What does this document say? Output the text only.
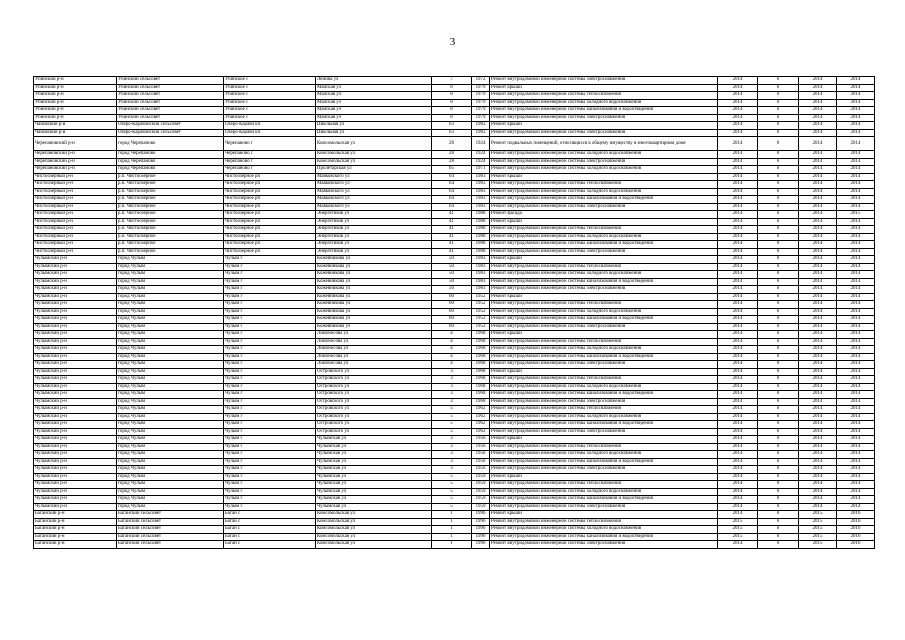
3
Убинский р-н	Убинский сельсовет	Убинское с	Ленина ул	7	1972	Ремонт внутридомовой инженерной системы электроснабжения	2014	0	2014	2014
Убинский р-н	Убинский сельсовет	Убинское с	Майская ул	8	1979	Ремонт крыши	2014	0	2014	2014
Убинский р-н	Убинский сельсовет	Убинское с	Майская ул	8	1979	Ремонт внутридомовой инженерной системы теплоснабжения	2014	0	2014	2014
Убинский р-н	Убинский сельсовет	Убинское с	Майская ул	8	1979	Ремонт внутридомовой инженерной системы холодного водоснабжения	2014	0	2014	2014
Убинский р-н	Убинский сельсовет	Убинское с	Майская ул	8	1979	Ремонт внутридомовой инженерной системы канализования и водоотведения	2014	0	2014	2014
Убинский р-н	Убинский сельсовет	Убинское с	Майская ул	8	1979	Ремонт внутридомовой инженерной системы электроснабжения	2014	0	2014	2014
Чановский р-н	Озеро-Карачинский сельсовет	Озеро-Карачи кп	Школьная ул	63	1982	Ремонт крыши	2014	0	2014	2014
Чановский р-н	Озеро-Карачинский сельсовет	Озеро-Карачи кп	Школьная ул	63	1982	Ремонт внутридомовой инженерной системы электроснабжения	2014	0	2014	2014
Черепановский р-н	город Черепаново	Черепаново г	Комсомольская ул	28	1924	Ремонт подвальных помещений, относящихся к общему имуществу в многоквартирном доме	2014	0	2014	2014
Черепановский р-н	город Черепаново	Черепаново г	Комсомольская ул	28	1924	Ремонт внутридомовой инженерной системы холодного водоснабжения	2014	0	2014	2014
Черепановский р-н	город Черепаново	Черепаново г	Комсомольская ул	28	1924	Ремонт внутридомовой инженерной системы электроснабжения	2014	0	2014	2014
Черепановский р-н	город Черепаново	Черепаново г	Пролетарская ул	65	1971	Ремонт внутридомовой инженерной системы холодного водоснабжения	2014	0	2014	2014
Чистоозерный р-н	р.п. Чистоозерное	Чистоозерное рп	Маяковского ул	64	1983	Ремонт крыши	2014	0	2014	2014
Чистоозерный р-н	р.п. Чистоозерное	Чистоозерное рп	Маяковского ул	64	1983	Ремонт внутридомовой инженерной системы теплоснабжения	2014	0	2014	2014
Чистоозерный р-н	р.п. Чистоозерное	Чистоозерное рп	Маяковского ул	64	1983	Ремонт внутридомовой инженерной системы холодного водоснабжения	2014	0	2014	2014
Чистоозерный р-н	р.п. Чистоозерное	Чистоозерное рп	Маяковского ул	64	1983	Ремонт внутридомовой инженерной системы канализования и водоотведения	2014	0	2014	2014
Чистоозерный р-н	р.п. Чистоозерное	Чистоозерное рп	Маяковского ул	64	1983	Ремонт внутридомовой инженерной системы электроснабжения	2014	0	2014	2014
Чистоозерный р-н	р.п. Чистоозерное	Чистоозерное рп	Энергетиков ул	41	1988	Ремонт фасада	2014	0	2014	2015
Чистоозерный р-н	р.п. Чистоозерное	Чистоозерное рп	Энергетиков ул	41	1988	Ремонт крыши	2014	0	2014	2014
Чистоозерный р-н	р.п. Чистоозерное	Чистоозерное рп	Энергетиков ул	41	1988	Ремонт внутридомовой инженерной системы теплоснабжения	2014	0	2014	2014
Чистоозерный р-н	р.п. Чистоозерное	Чистоозерное рп	Энергетиков ул	41	1988	Ремонт внутридомовой инженерной системы холодного водоснабжения	2014	0	2014	2014
Чистоозерный р-н	р.п. Чистоозерное	Чистоозерное рп	Энергетиков ул	41	1988	Ремонт внутридомовой инженерной системы канализования и водоотведения	2014	0	2014	2014
Чистоозерный р-н	р.п. Чистоозерное	Чистоозерное рп	Энергетиков ул	41	1988	Ремонт внутридомовой инженерной системы электроснабжения	2014	0	2014	2014
Чулымский р-н	город Чулым	Чулым г	Кожевникова ул	50	1983	Ремонт крыши	2014	0	2014	2014
Чулымский р-н	город Чулым	Чулым г	Кожевникова ул	50	1983	Ремонт внутридомовой инженерной системы теплоснабжения	2014	0	2014	2014
Чулымский р-н	город Чулым	Чулым г	Кожевникова ул	50	1983	Ремонт внутридомовой инженерной системы холодного водоснабжения	2014	0	2014	2014
Чулымский р-н	город Чулым	Чулым г	Кожевникова ул	50	1983	Ремонт внутридомовой инженерной системы канализования и водоотведения	2014	0	2014	2014
Чулымский р-н	город Чулым	Чулым г	Кожевникова ул	50	1983	Ремонт внутридомовой инженерной системы электроснабжения	2014	0	2014	2014
Чулымский р-н	город Чулым	Чулым г	Кожевникова ул	60	1952	Ремонт крыши	2014	0	2014	2014
Чулымский р-н	город Чулым	Чулым г	Кожевникова ул	60	1952	Ремонт внутридомовой инженерной системы теплоснабжения	2014	0	2014	2014
Чулымский р-н	город Чулым	Чулым г	Кожевникова ул	60	1952	Ремонт внутридомовой инженерной системы холодного водоснабжения	2014	0	2014	2014
Чулымский р-н	город Чулым	Чулым г	Кожевникова ул	60	1952	Ремонт внутридомовой инженерной системы канализования и водоотведения	2014	0	2014	2014
Чулымский р-н	город Чулым	Чулым г	Кожевникова ул	60	1952	Ремонт внутридомовой инженерной системы электроснабжения	2014	0	2014	2014
Чулымский р-н	город Чулым	Чулым г	Ломоносова ул	4	1968	Ремонт крыши	2014	0	2014	2014
Чулымский р-н	город Чулым	Чулым г	Ломоносова ул	4	1968	Ремонт внутридомовой инженерной системы теплоснабжения	2014	0	2014	2014
Чулымский р-н	город Чулым	Чулым г	Ломоносова ул	4	1968	Ремонт внутридомовой инженерной системы холодного водоснабжения	2014	0	2014	2014
Чулымский р-н	город Чулым	Чулым г	Ломоносова ул	4	1968	Ремонт внутридомовой инженерной системы канализования и водоотведения	2014	0	2014	2014
Чулымский р-н	город Чулым	Чулым г	Ломоносова ул	4	1968	Ремонт внутридомовой инженерной системы электроснабжения	2014	0	2014	2014
Чулымский р-н	город Чулым	Чулым г	Островского ул	3	1968	Ремонт крыши	2014	0	2014	2014
Чулымский р-н	город Чулым	Чулым г	Островского ул	3	1968	Ремонт внутридомовой инженерной системы теплоснабжения	2014	0	2014	2014
Чулымский р-н	город Чулым	Чулым г	Островского ул	3	1968	Ремонт внутридомовой инженерной системы холодного водоснабжения	2014	0	2014	2014
Чулымский р-н	город Чулым	Чулым г	Островского ул	3	1968	Ремонт внутридомовой инженерной системы канализования и водоотведения	2014	0	2014	2014
Чулымский р-н	город Чулым	Чулым г	Островского ул	3	1968	Ремонт внутридомовой инженерной системы электроснабжения	2014	0	2014	2014
Чулымский р-н	город Чулым	Чулым г	Островского ул	5	1962	Ремонт внутридомовой инженерной системы теплоснабжения	2014	0	2014	2014
Чулымский р-н	город Чулым	Чулым г	Островского ул	5	1962	Ремонт внутридомовой инженерной системы холодного водоснабжения	2014	0	2014	2014
Чулымский р-н	город Чулым	Чулым г	Островского ул	5	1962	Ремонт внутридомовой инженерной системы канализования и водоотведения	2014	0	2014	2014
Чулымский р-н	город Чулым	Чулым г	Островского ул	5	1962	Ремонт внутридомовой инженерной системы электроснабжения	2014	0	2014	2014
Чулымский р-н	город Чулым	Чулым г	Чулымская ул	3	1956	Ремонт крыши	2014	0	2014	2014
Чулымский р-н	город Чулым	Чулым г	Чулымская ул	3	1956	Ремонт внутридомовой инженерной системы теплоснабжения	2014	0	2014	2014
Чулымский р-н	город Чулым	Чулым г	Чулымская ул	3	1956	Ремонт внутридомовой инженерной системы холодного водоснабжения	2014	0	2014	2014
Чулымский р-н	город Чулым	Чулым г	Чулымская ул	3	1956	Ремонт внутридомовой инженерной системы канализования и водоотведения	2014	0	2014	2014
Чулымский р-н	город Чулым	Чулым г	Чулымская ул	3	1956	Ремонт внутридомовой инженерной системы электроснабжения	2014	0	2014	2014
Чулымский р-н	город Чулым	Чулым г	Чулымская ул	5	1959	Ремонт крыши	2014	0	2014	2014
Чулымский р-н	город Чулым	Чулым г	Чулымская ул	5	1959	Ремонт внутридомовой инженерной системы теплоснабжения	2014	0	2014	2014
Чулымский р-н	город Чулым	Чулым г	Чулымская ул	5	1959	Ремонт внутридомовой инженерной системы холодного водоснабжения	2014	0	2014	2014
Чулымский р-н	город Чулым	Чулым г	Чулымская ул	5	1959	Ремонт внутридомовой инженерной системы канализования и водоотведения	2014	0	2014	2014
Чулымский р-н	город Чулым	Чулым г	Чулымская ул	5	1959	Ремонт внутридомовой инженерной системы электроснабжения	2014	0	2014	2014
Баганский р-н	Баганский сельсовет	Баган с	Комсомольская ул	1	1996	Ремонт крыши	2014	0	2015	2016
Баганский р-н	Баганский сельсовет	Баган с	Комсомольская ул	1	1996	Ремонт внутридомовой инженерной системы теплоснабжения	2015	0	2015	2016
Баганский р-н	Баганский сельсовет	Баган с	Комсомольская ул	1	1996	Ремонт внутридомовой инженерной системы холодного водоснабжения	2015	0	2015	2016
Баганский р-н	Баганский сельсовет	Баган с	Комсомольская ул	1	1996	Ремонт внутридомовой инженерной системы канализования и водоотведения	2015	0	2015	2016
Баганский р-н	Баганский сельсовет	Баган с	Комсомольская ул	1	1996	Ремонт внутридомовой инженерной системы электроснабжения	2014	0	2015	2016
